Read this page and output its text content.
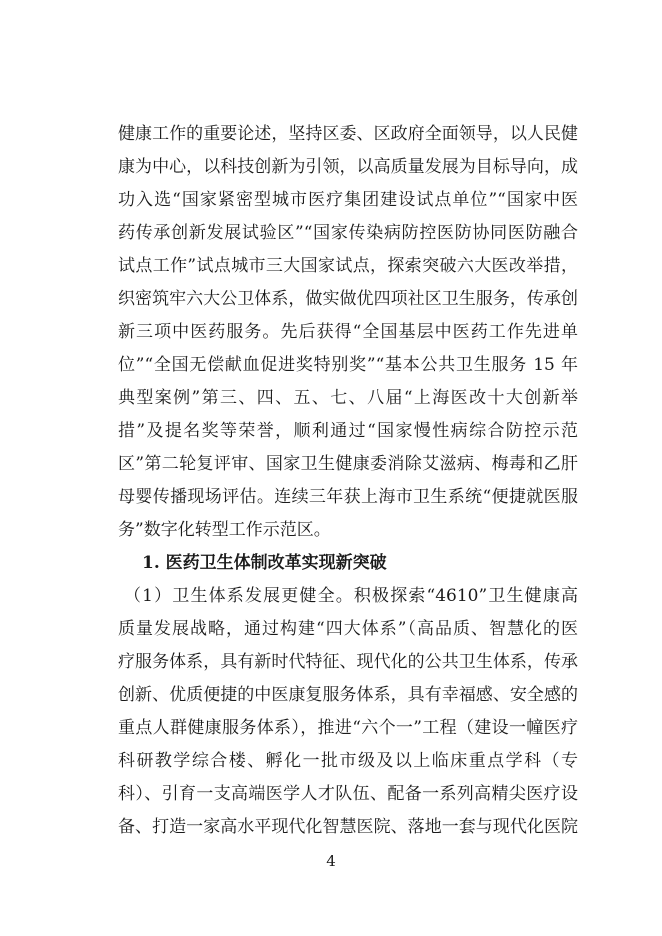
健康工作的重要论述，坚持区委、区政府全面领导，以人民健
康为中心，以科技创新为引领，以高质量发展为目标导向，成
功入选“国家紧密型城市医疗集团建设试点单位”“国家中医
药传承创新发展试验区”“国家传染病防控医防协同医防融合
试点工作”试点城市三大国家试点，探索突破六大医改举措，
织密筑牢六大公卫体系，做实做优四项社区卫生服务，传承创
新三项中医药服务。先后获得“全国基层中医药工作先进单
位”“全国无偿献血促进奖特别奖”“基本公共卫生服务 15 年
典型案例”第三、四、五、七、八届“上海医改十大创新举
措”及提名奖等荣誉，顺利通过“国家慢性病综合防控示范
区”第二轮复评审、国家卫生健康委消除艾滋病、梅毒和乙肝
母婴传播现场评估。连续三年获上海市卫生系统“便捷就医服
务”数字化转型工作示范区。
1. 医药卫生体制改革实现新突破
（1）卫生体系发展更健全。积极探索“4610”卫生健康高
质量发展战略，通过构建“四大体系”（高品质、智慧化的医
疗服务体系，具有新时代特征、现代化的公共卫生体系，传承
创新、优质便捷的中医康复服务体系，具有幸福感、安全感的
重点人群健康服务体系），推进“六个一”工程（建设一幢医疗
科研教学综合楼、孵化一批市级及以上临床重点学科（专
科）、引育一支高端医学人才队伍、配备一系列高精尖医疗设
备、打造一家高水平现代化智慧医院、落地一套与现代化医院
4
